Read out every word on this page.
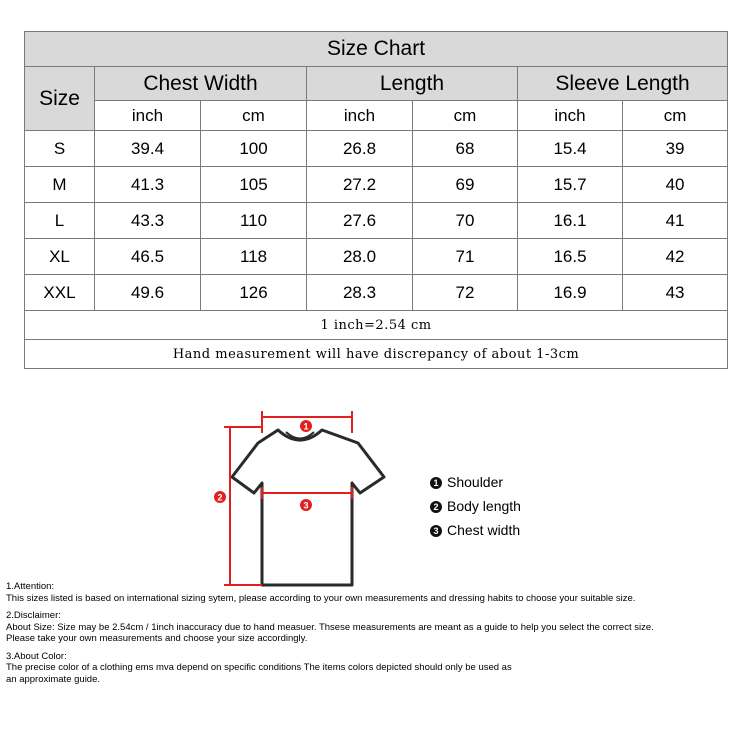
Size Chart						
Size	Chest Width		Length		Sleeve Length	
	inch	cm	inch	cm	inch	cm
S	39.4	100	26.8	68	15.4	39
M	41.3	105	27.2	69	15.7	40
L	43.3	110	27.6	70	16.1	41
XL	46.5	118	28.0	71	16.5	42
XXL	49.6	126	28.3	72	16.9	43
1 inch=2.54 cm						
Hand measurement will have discrepancy of about 1-3cm						
1
2
3
1 Shoulder
2 Body length
3 Chest width

1.Attention:
This sizes listed is based on international sizing sytem, please according to your own measurements and dressing habits to choose your suitable size.

2.Disclaimer:
About Size: Size may be 2.54cm / 1inch inaccuracy due to hand measuer. Thsese measurements are meant as a guide to help you select the correct size.
Please take your own measurements and choose your size accordingly.

3.About Color:
The precise color of a clothing ems mva depend on specific conditions The items colors depicted should only be used as
an approximate guide.
